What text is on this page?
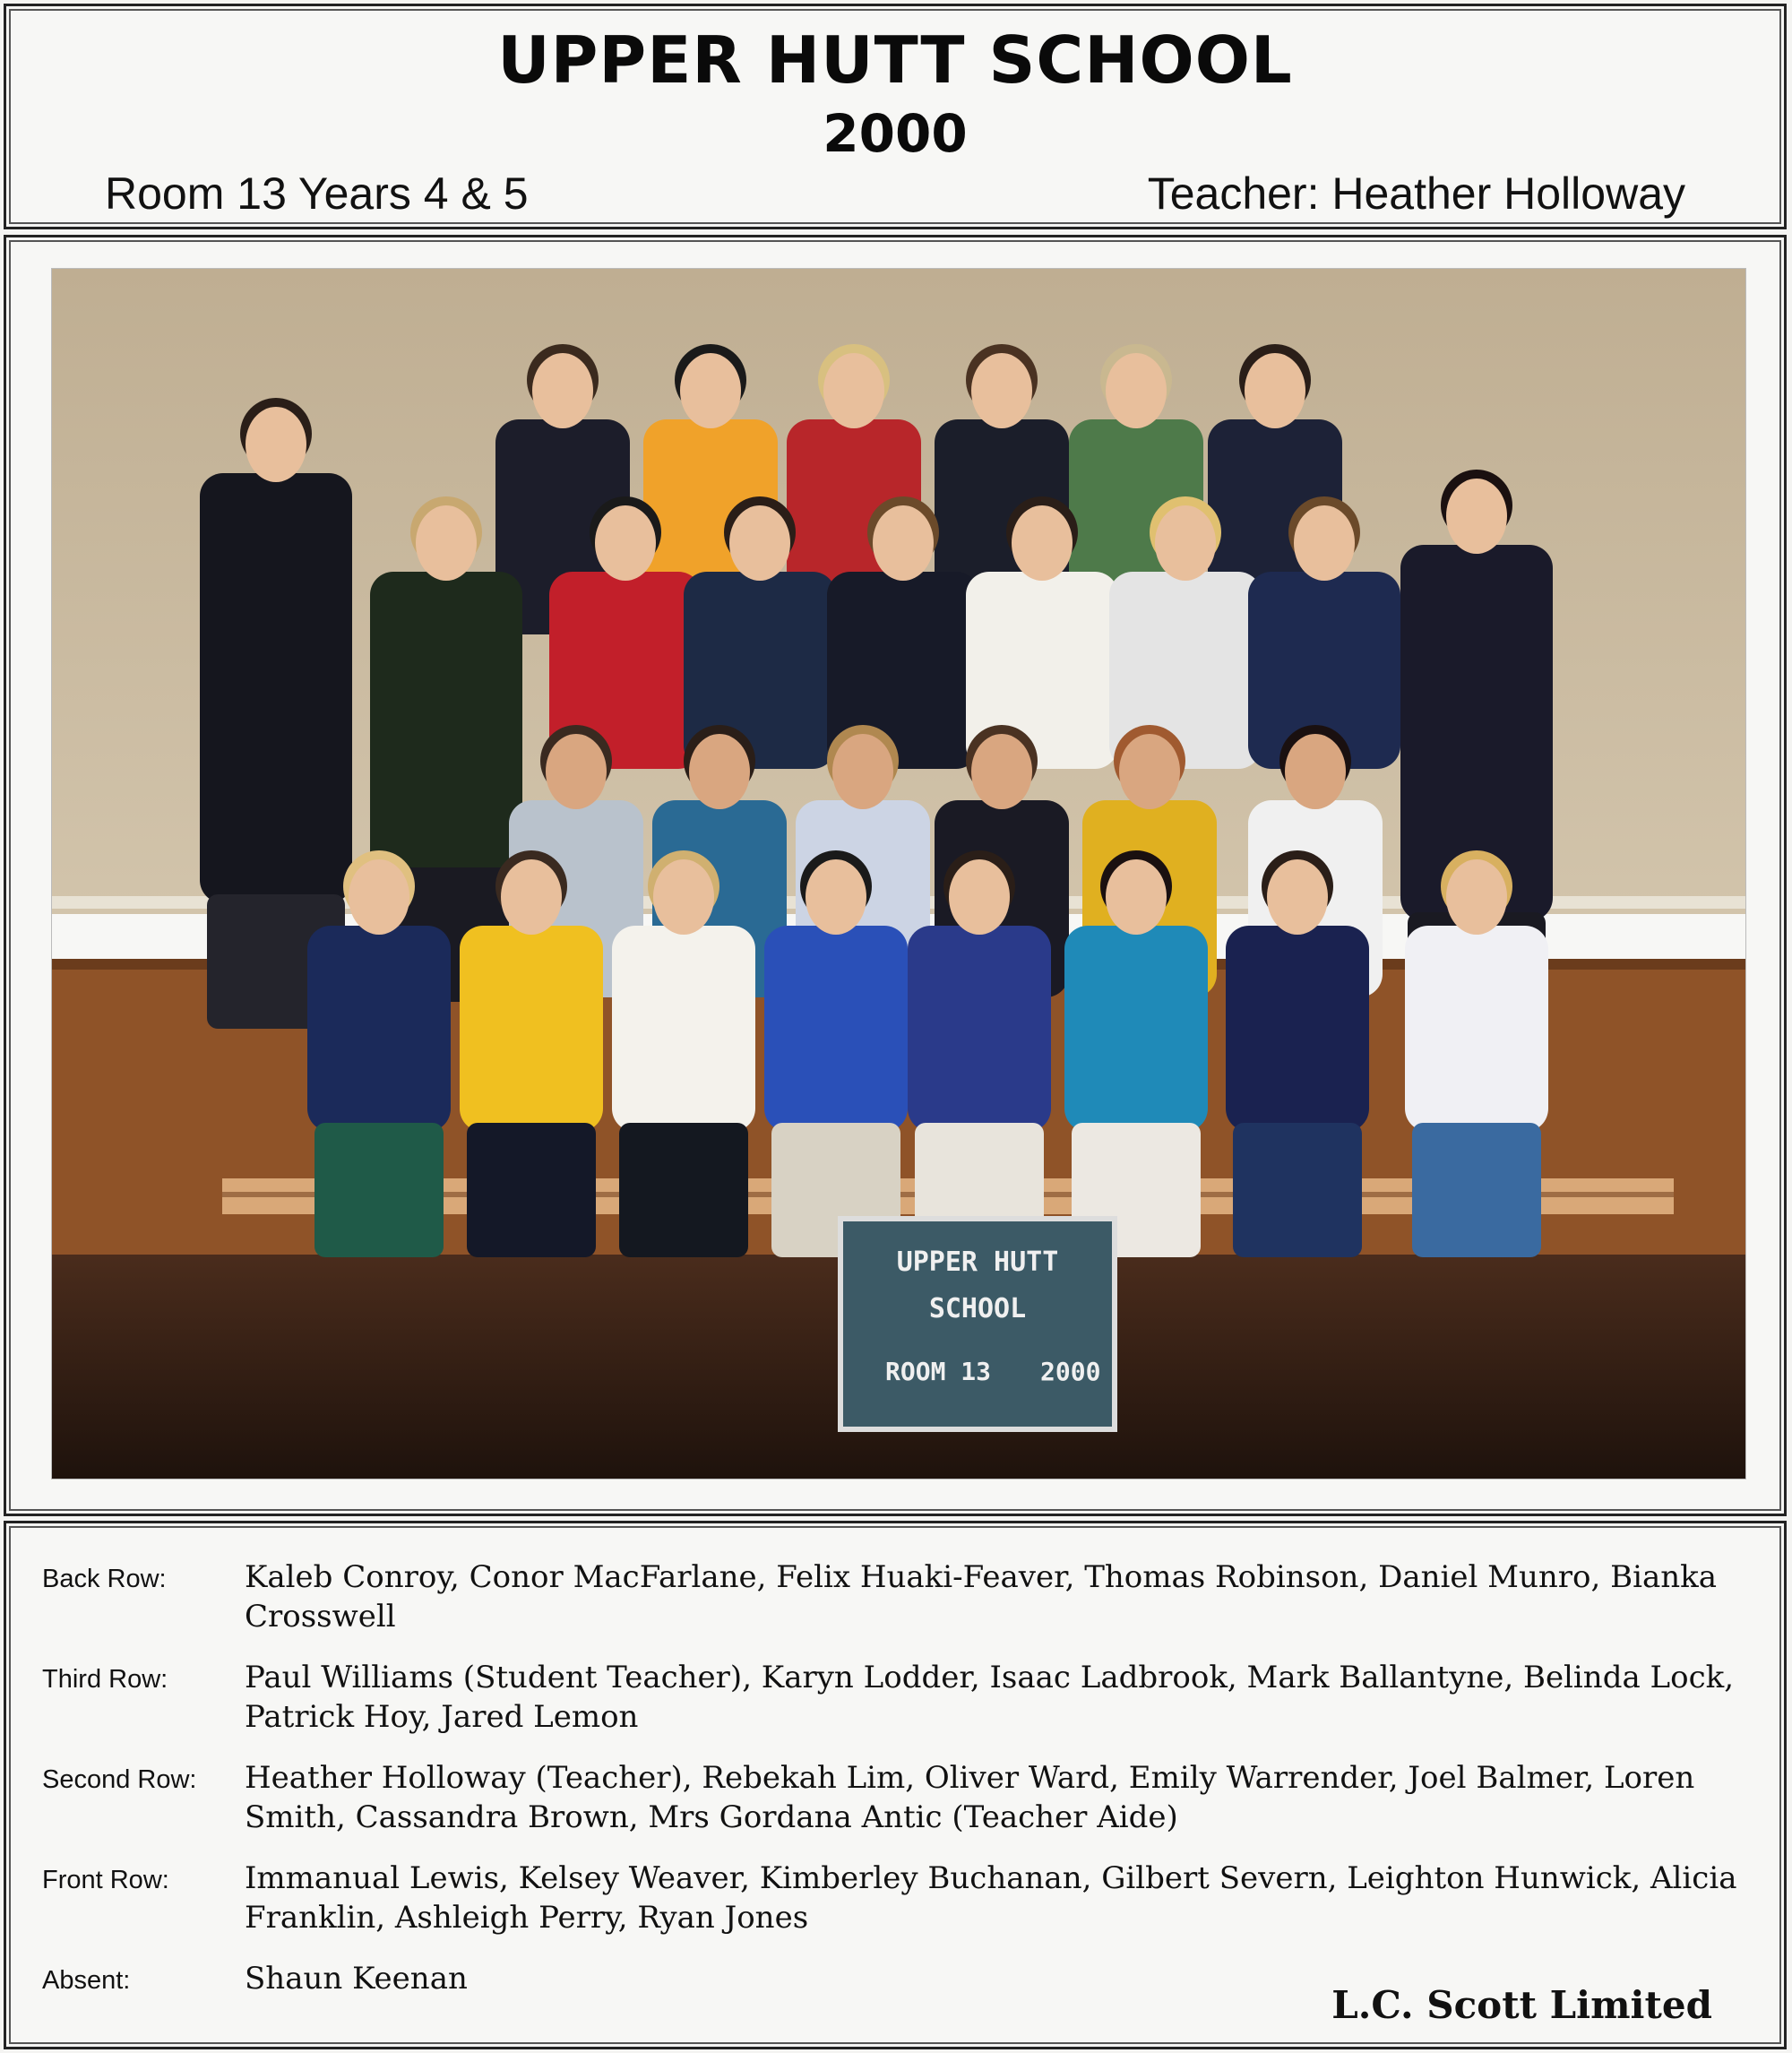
UPPER HUTT SCHOOL
2000
Room 13 Years 4 & 5	Teacher: Heather Holloway
UPPER HUTT
SCHOOL
ROOM 13 2000
Back Row:	Kaleb Conroy, Conor MacFarlane, Felix Huaki-Feaver, Thomas Robinson, Daniel Munro, Bianka Crosswell
Third Row:	Paul Williams (Student Teacher), Karyn Lodder, Isaac Ladbrook, Mark Ballantyne, Belinda Lock, Patrick Hoy, Jared Lemon
Second Row: Heather Holloway (Teacher), Rebekah Lim, Oliver Ward, Emily Warrender, Joel Balmer, Loren Smith, Cassandra Brown, Mrs Gordana Antic (Teacher Aide)
Front Row: Immanual Lewis, Kelsey Weaver, Kimberley Buchanan, Gilbert Severn, Leighton Hunwick, Alicia Franklin, Ashleigh Perry, Ryan Jones
Absent:	Shaun Keenan
L.C. Scott Limited
